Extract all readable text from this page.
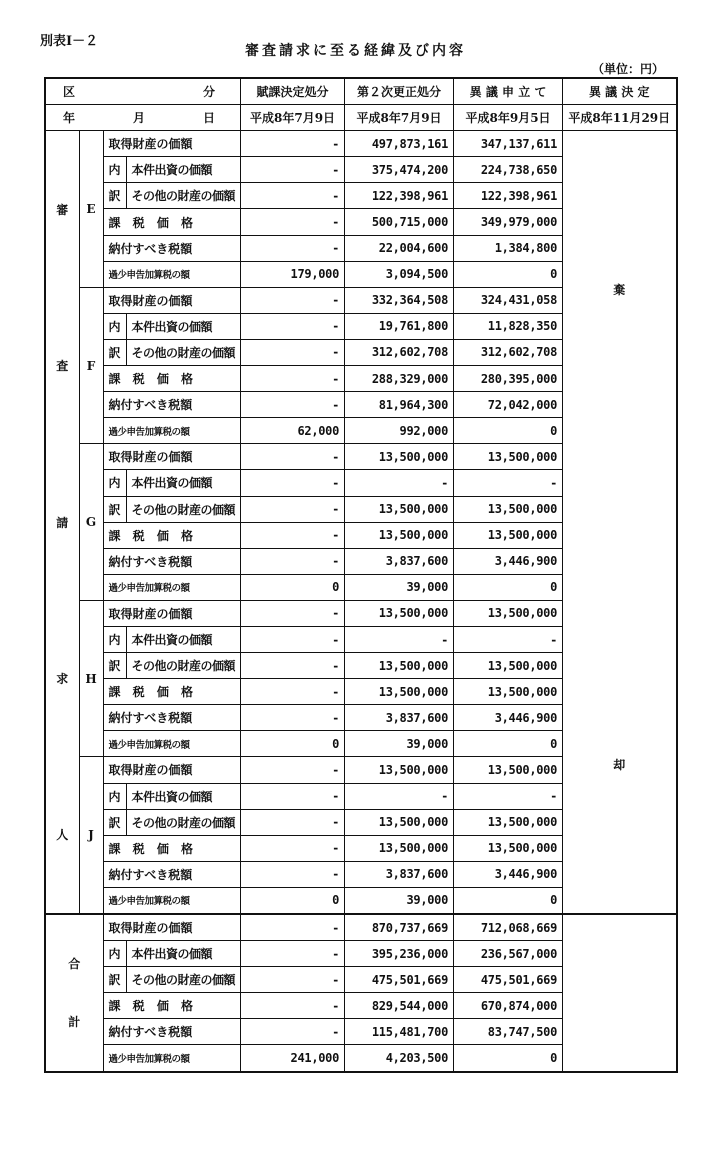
別表Ⅰ－２
審査請求に至る経緯及び内容
（単位：円）
区 分				賦課決定処分	第２次更正処分	異 議 申 立 て	異 議 決 定

年 月 日				平成8年7月9日	平成8年7月9日	平成8年9月5日	平成8年11月29日

審
査
請
求
人	E	取得財産の価額		-	497,873,161	347,137,611	棄
却

		内	本件出資の価額	-	375,474,200	224,738,650	
		訳	その他の財産の価額	-	122,398,961	122,398,961	
		課 税 価 格		-	500,715,000	349,979,000	
		納付すべき税額		-	22,004,600	1,384,800	
		過少申告加算税の額		179,000	3,094,500	0	
	F	取得財産の価額		-	332,364,508	324,431,058	
		内	本件出資の価額	-	19,761,800	11,828,350	
		訳	その他の財産の価額	-	312,602,708	312,602,708	
		課 税 価 格		-	288,329,000	280,395,000	
		納付すべき税額		-	81,964,300	72,042,000	
		過少申告加算税の額		62,000	992,000	0	
	G	取得財産の価額		-	13,500,000	13,500,000	
		内	本件出資の価額	-	-	-	
		訳	その他の財産の価額	-	13,500,000	13,500,000	
		課 税 価 格		-	13,500,000	13,500,000	
		納付すべき税額		-	3,837,600	3,446,900	
		過少申告加算税の額		0	39,000	0	
	H	取得財産の価額		-	13,500,000	13,500,000	
		内	本件出資の価額	-	-	-	
		訳	その他の財産の価額	-	13,500,000	13,500,000	
		課 税 価 格		-	13,500,000	13,500,000	
		納付すべき税額		-	3,837,600	3,446,900	
		過少申告加算税の額		0	39,000	0	
	J	取得財産の価額		-	13,500,000	13,500,000	
		内	本件出資の価額	-	-	-	
		訳	その他の財産の価額	-	13,500,000	13,500,000	
		課 税 価 格		-	13,500,000	13,500,000	
		納付すべき税額		-	3,837,600	3,446,900	
		過少申告加算税の額		0	39,000	0	

合
計		取得財産の価額		-	870,737,669	712,068,669	
		内	本件出資の価額	-	395,236,000	236,567,000	
		訳	その他の財産の価額	-	475,501,669	475,501,669	
		課 税 価 格		-	829,544,000	670,874,000	
		納付すべき税額		-	115,481,700	83,747,500	
		過少申告加算税の額		241,000	4,203,500	0	
